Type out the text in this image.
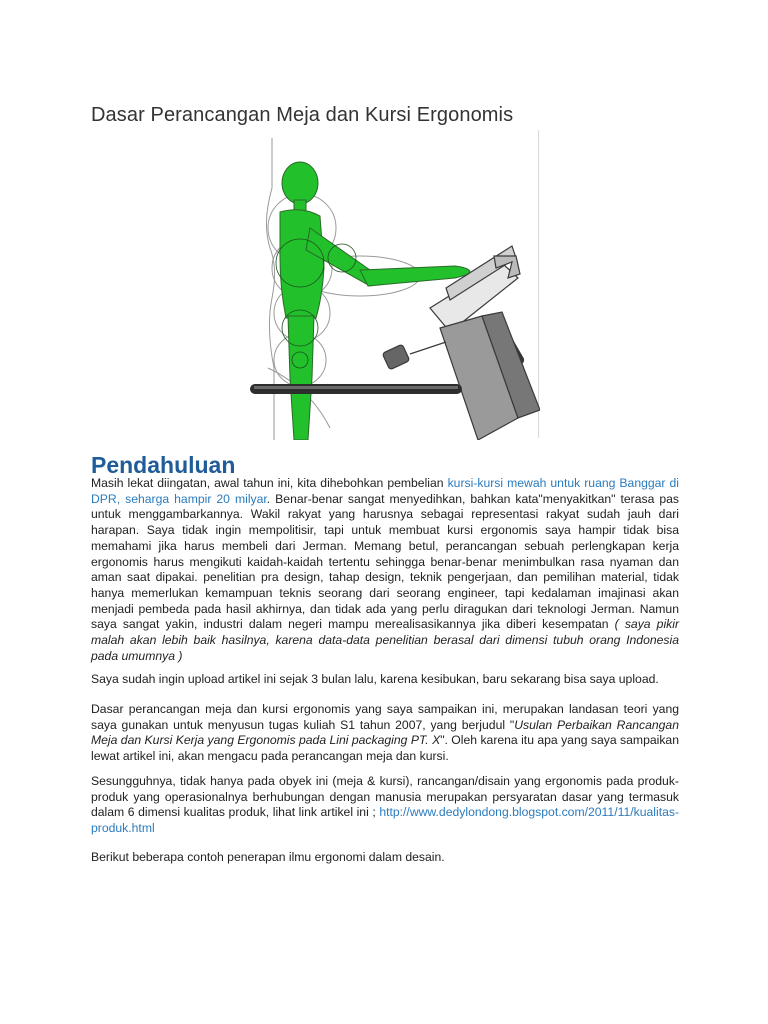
Dasar Perancangan Meja dan Kursi Ergonomis
Pendahuluan

Masih lekat diingatan, awal tahun ini, kita dihebohkan pembelian kursi-kursi mewah untuk ruang Banggar di DPR, seharga hampir 20 milyar. Benar-benar sangat menyedihkan, bahkan kata"menyakitkan" terasa pas untuk menggambarkannya. Wakil rakyat yang harusnya sebagai representasi rakyat sudah jauh dari harapan. Saya tidak ingin mempolitisir, tapi untuk membuat kursi ergonomis saya hampir tidak bisa memahami jika harus membeli dari Jerman. Memang betul, perancangan sebuah perlengkapan kerja ergonomis harus mengikuti kaidah-kaidah tertentu sehingga benar-benar menimbulkan rasa nyaman dan aman saat dipakai. penelitian pra design, tahap design, teknik pengerjaan, dan pemilihan material, tidak hanya memerlukan kemampuan teknis seorang dari seorang engineer, tapi kedalaman imajinasi akan menjadi pembeda pada hasil akhirnya, dan tidak ada yang perlu diragukan dari teknologi Jerman. Namun saya sangat yakin, industri dalam negeri mampu merealisasikannya jika diberi kesempatan ( saya pikir malah akan lebih baik hasilnya, karena data-data penelitian berasal dari dimensi tubuh orang Indonesia pada umumnya )

Saya sudah ingin upload artikel ini sejak 3 bulan lalu, karena kesibukan, baru sekarang bisa saya upload.

Dasar perancangan meja dan kursi ergonomis yang saya sampaikan ini, merupakan landasan teori yang saya gunakan untuk menyusun tugas kuliah S1 tahun 2007, yang berjudul "Usulan Perbaikan Rancangan Meja dan Kursi Kerja yang Ergonomis pada Lini packaging PT. X". Oleh karena itu apa yang saya sampaikan lewat artikel ini, akan mengacu pada perancangan meja dan kursi.

Sesungguhnya, tidak hanya pada obyek ini (meja & kursi), rancangan/disain yang ergonomis pada produk-produk yang operasionalnya berhubungan dengan manusia merupakan persyaratan dasar yang termasuk dalam 6 dimensi kualitas produk, lihat link artikel ini ; http://www.dedylondong.blogspot.com/2011/11/kualitas-produk.html

Berikut beberapa contoh penerapan ilmu ergonomi dalam desain.
